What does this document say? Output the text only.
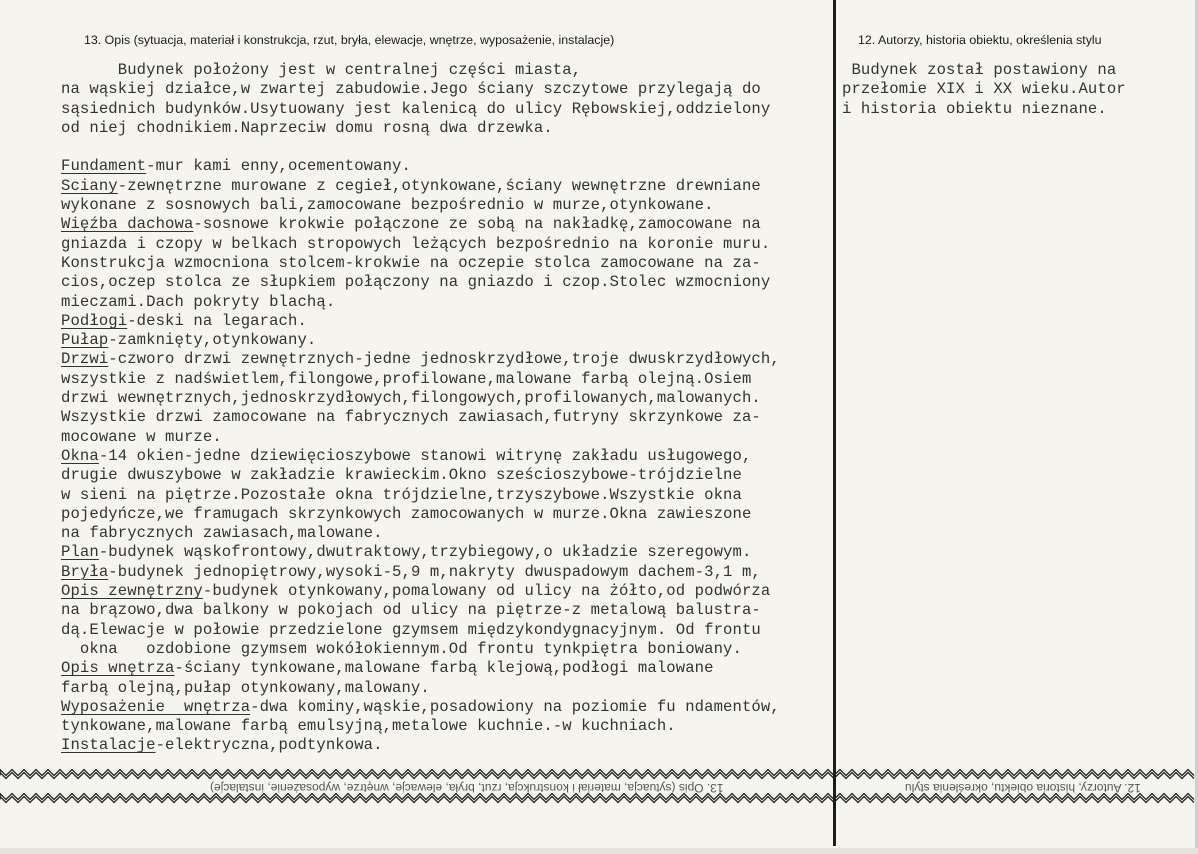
13. Opis (sytuacja, materiał i konstrukcja, rzut, bryła, elewacje, wnętrze, wyposażenie, instalacje)	12. Autorzy, historia obiektu, określenia stylu
Budynek położony jest w centralnej części miasta,
na wąskiej działce,w zwartej zabudowie.Jego ściany szczytowe przylegają do
sąsiednich budynków.Usytuowany jest kalenicą do ulicy Rębowskiej,oddzielony
od niej chodnikiem.Naprzeciw domu rosną dwa drzewka.
Fundament-mur kami enny,ocementowany.
Sciany-zewnętrzne murowane z cegieł,otynkowane,ściany wewnętrzne drewniane
wykonane z sosnowych bali,zamocowane bezpośrednio w murze,otynkowane.
Więźba dachowa-sosnowe krokwie połączone ze sobą na nakładkę,zamocowane na
gniazda i czopy w belkach stropowych leżących bezpośrednio na koronie muru.
Konstrukcja wzmocniona stolcem-krokwie na oczepie stolca zamocowane na za-
cios,oczep stolca ze słupkiem połączony na gniazdo i czop.Stolec wzmocniony
mieczami.Dach pokryty blachą.
Podłogi-deski na legarach.
Pułap-zamknięty,otynkowany.
Drzwi-czworo drzwi zewnętrznych-jedne jednoskrzydłowe,troje dwuskrzydłowych,
wszystkie z nadświetlem,filongowe,profilowane,malowane farbą olejną.Osiem
drzwi wewnętrznych,jednoskrzydłowych,filongowych,profilowanych,malowanych.
Wszystkie drzwi zamocowane na fabrycznych zawiasach,futryny skrzynkowe za-
mocowane w murze.
Okna-14 okien-jedne dziewięcioszybowe stanowi witrynę zakładu usługowego,
drugie dwuszybowe w zakładzie krawieckim.Okno sześcioszybowe-trójdzielne
w sieni na piętrze.Pozostałe okna trójdzielne,trzyszybowe.Wszystkie okna
pojedyńcze,we framugach skrzynkowych zamocowanych w murze.Okna zawieszone
na fabrycznych zawiasach,malowane.
Plan-budynek wąskofrontowy,dwutraktowy,trzybiegowy,o układzie szeregowym.
Bryła-budynek jednopiętrowy,wysoki-5,9 m,nakryty dwuspadowym dachem-3,1 m,
Opis zewnętrzny-budynek otynkowany,pomalowany od ulicy na żółto,od podwórza
na brązowo,dwa balkony w pokojach od ulicy na piętrze-z metalową balustra-
dą.Elewacje w połowie przedzielone gzymsem międzykondygnacyjnym. Od frontu
okna   ozdobione gzymsem wokółokiennym.Od frontu tynkpiętra boniowany.
Opis wnętrza-ściany tynkowane,malowane farbą klejową,podłogi malowane
farbą olejną,pułap otynkowany,malowany.
Wyposażenie  wnętrza-dwa kominy,wąskie,posadowiony na poziomie fu ndamentów,
tynkowane,malowane farbą emulsyjną,metalowe kuchnie.-w kuchniach.
Instalacje-elektryczna,podtynkowa.
Budynek został postawiony na
przełomie XIX i XX wieku.Autor
i historia obiektu nieznane.
13. Opis (sytuacja, materiał i konstrukcja, rzut, bryła, elewacje, wnętrze, wyposażenie, instalacje)	12. Autorzy, historia obiektu, określenia stylu
